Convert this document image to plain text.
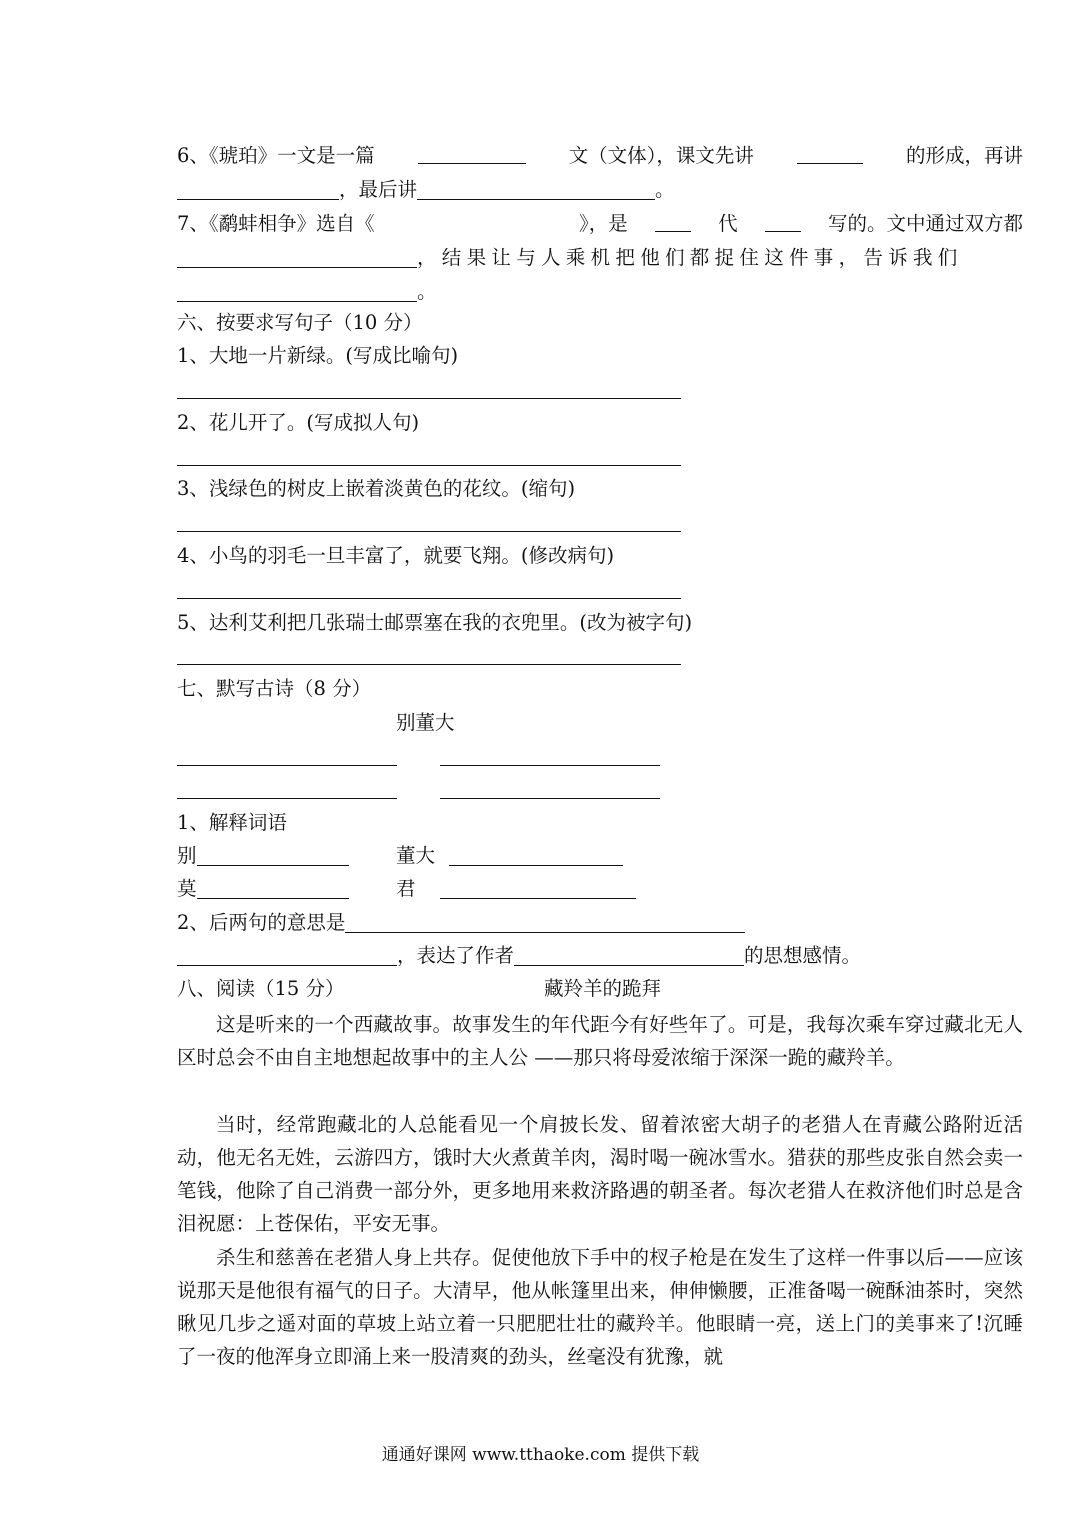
6、《琥珀》一文是一篇	文（文体），课文先讲	的形成，再讲
，最后讲	。
7、《鹬蚌相争》选自《	》，是	代	写的。文中通过双方都
，结果让与人乘机把他们都捉住这件事，告诉我们
。
六、按要求写句子（10 分）
1、大地一片新绿。(写成比喻句)
2、花儿开了。(写成拟人句)
3、浅绿色的树皮上嵌着淡黄色的花纹。(缩句)
4、小鸟的羽毛一旦丰富了，就要飞翔。(修改病句)
5、达利艾利把几张瑞士邮票塞在我的衣兜里。(改为被字句)
七、默写古诗（8 分）
别董大
1、解释词语
别	董大
莫	君
2、后两句的意思是
，表达了作者	的思想感情。
八、阅读（15 分）	藏羚羊的跪拜
这是听来的一个西藏故事。故事发生的年代距今有好些年了。可是，我每次乘车穿过藏北无人区时总会不由自主地想起故事中的主人公 ——那只将母爱浓缩于深深一跪的藏羚羊。
当时，经常跑藏北的人总能看见一个肩披长发、留着浓密大胡子的老猎人在青藏公路附近活动，他无名无姓，云游四方，饿时大火煮黄羊肉，渴时喝一碗冰雪水。猎获的那些皮张自然会卖一笔钱，他除了自己消费一部分外，更多地用来救济路遇的朝圣者。每次老猎人在救济他们时总是含泪祝愿：上苍保佑，平安无事。
杀生和慈善在老猎人身上共存。促使他放下手中的杈子枪是在发生了这样一件事以后——应该说那天是他很有福气的日子。大清早，他从帐篷里出来，伸伸懒腰，正准备喝一碗酥油茶时，突然瞅见几步之遥对面的草坡上站立着一只肥肥壮壮的藏羚羊。他眼睛一亮，送上门的美事来了!沉睡了一夜的他浑身立即涌上来一股清爽的劲头，丝毫没有犹豫，就
通通好课网 www.tthaoke.com 提供下载
